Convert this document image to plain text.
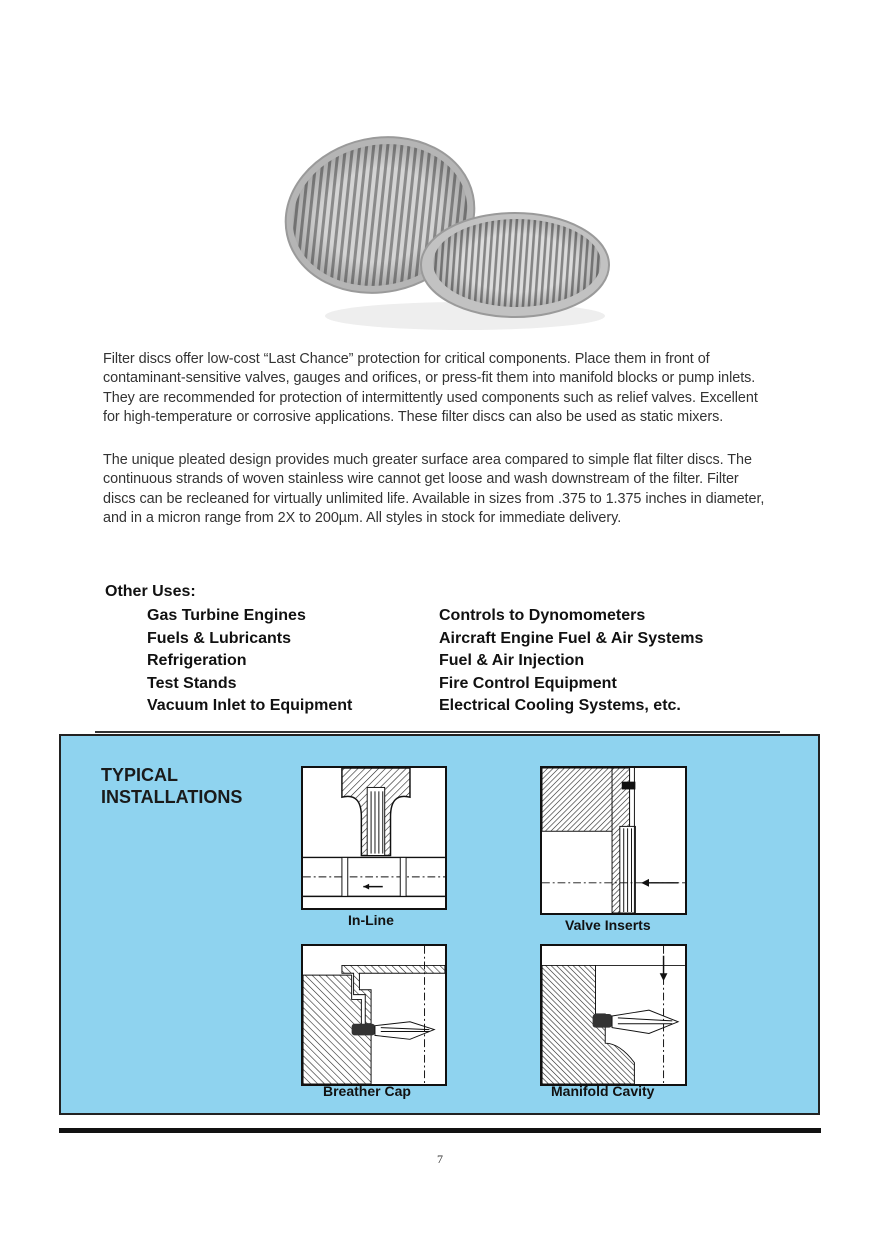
Filter discs offer low-cost “Last Chance” protection for critical components. Place them in front of contaminant-sensitive valves, gauges and orifices, or press-fit them into manifold blocks or pump inlets. They are recommended for protection of intermittently used components such as relief valves. Excellent for high-temperature or corrosive applications. These filter discs can also be used as static mixers.

The unique pleated design provides much greater surface area compared to simple flat filter discs. The continuous strands of woven stainless wire cannot get loose and wash downstream of the filter. Filter discs can be recleaned for virtually unlimited life. Available in sizes from .375 to 1.375 inches in diameter, and in a micron range from 2X to 200µm. All styles in stock for immediate delivery.

Other Uses:
Gas Turbine Engines
Fuels & Lubricants
Refrigeration
Test Stands
Vacuum Inlet to Equipment
Controls to Dynomometers
Aircraft Engine Fuel & Air Systems
Fuel & Air Injection
Fire Control Equipment
Electrical Cooling Systems, etc.
TYPICAL
INSTALLATIONS
In-Line	Valve Inserts
Breather Cap	Manifold Cavity
7
